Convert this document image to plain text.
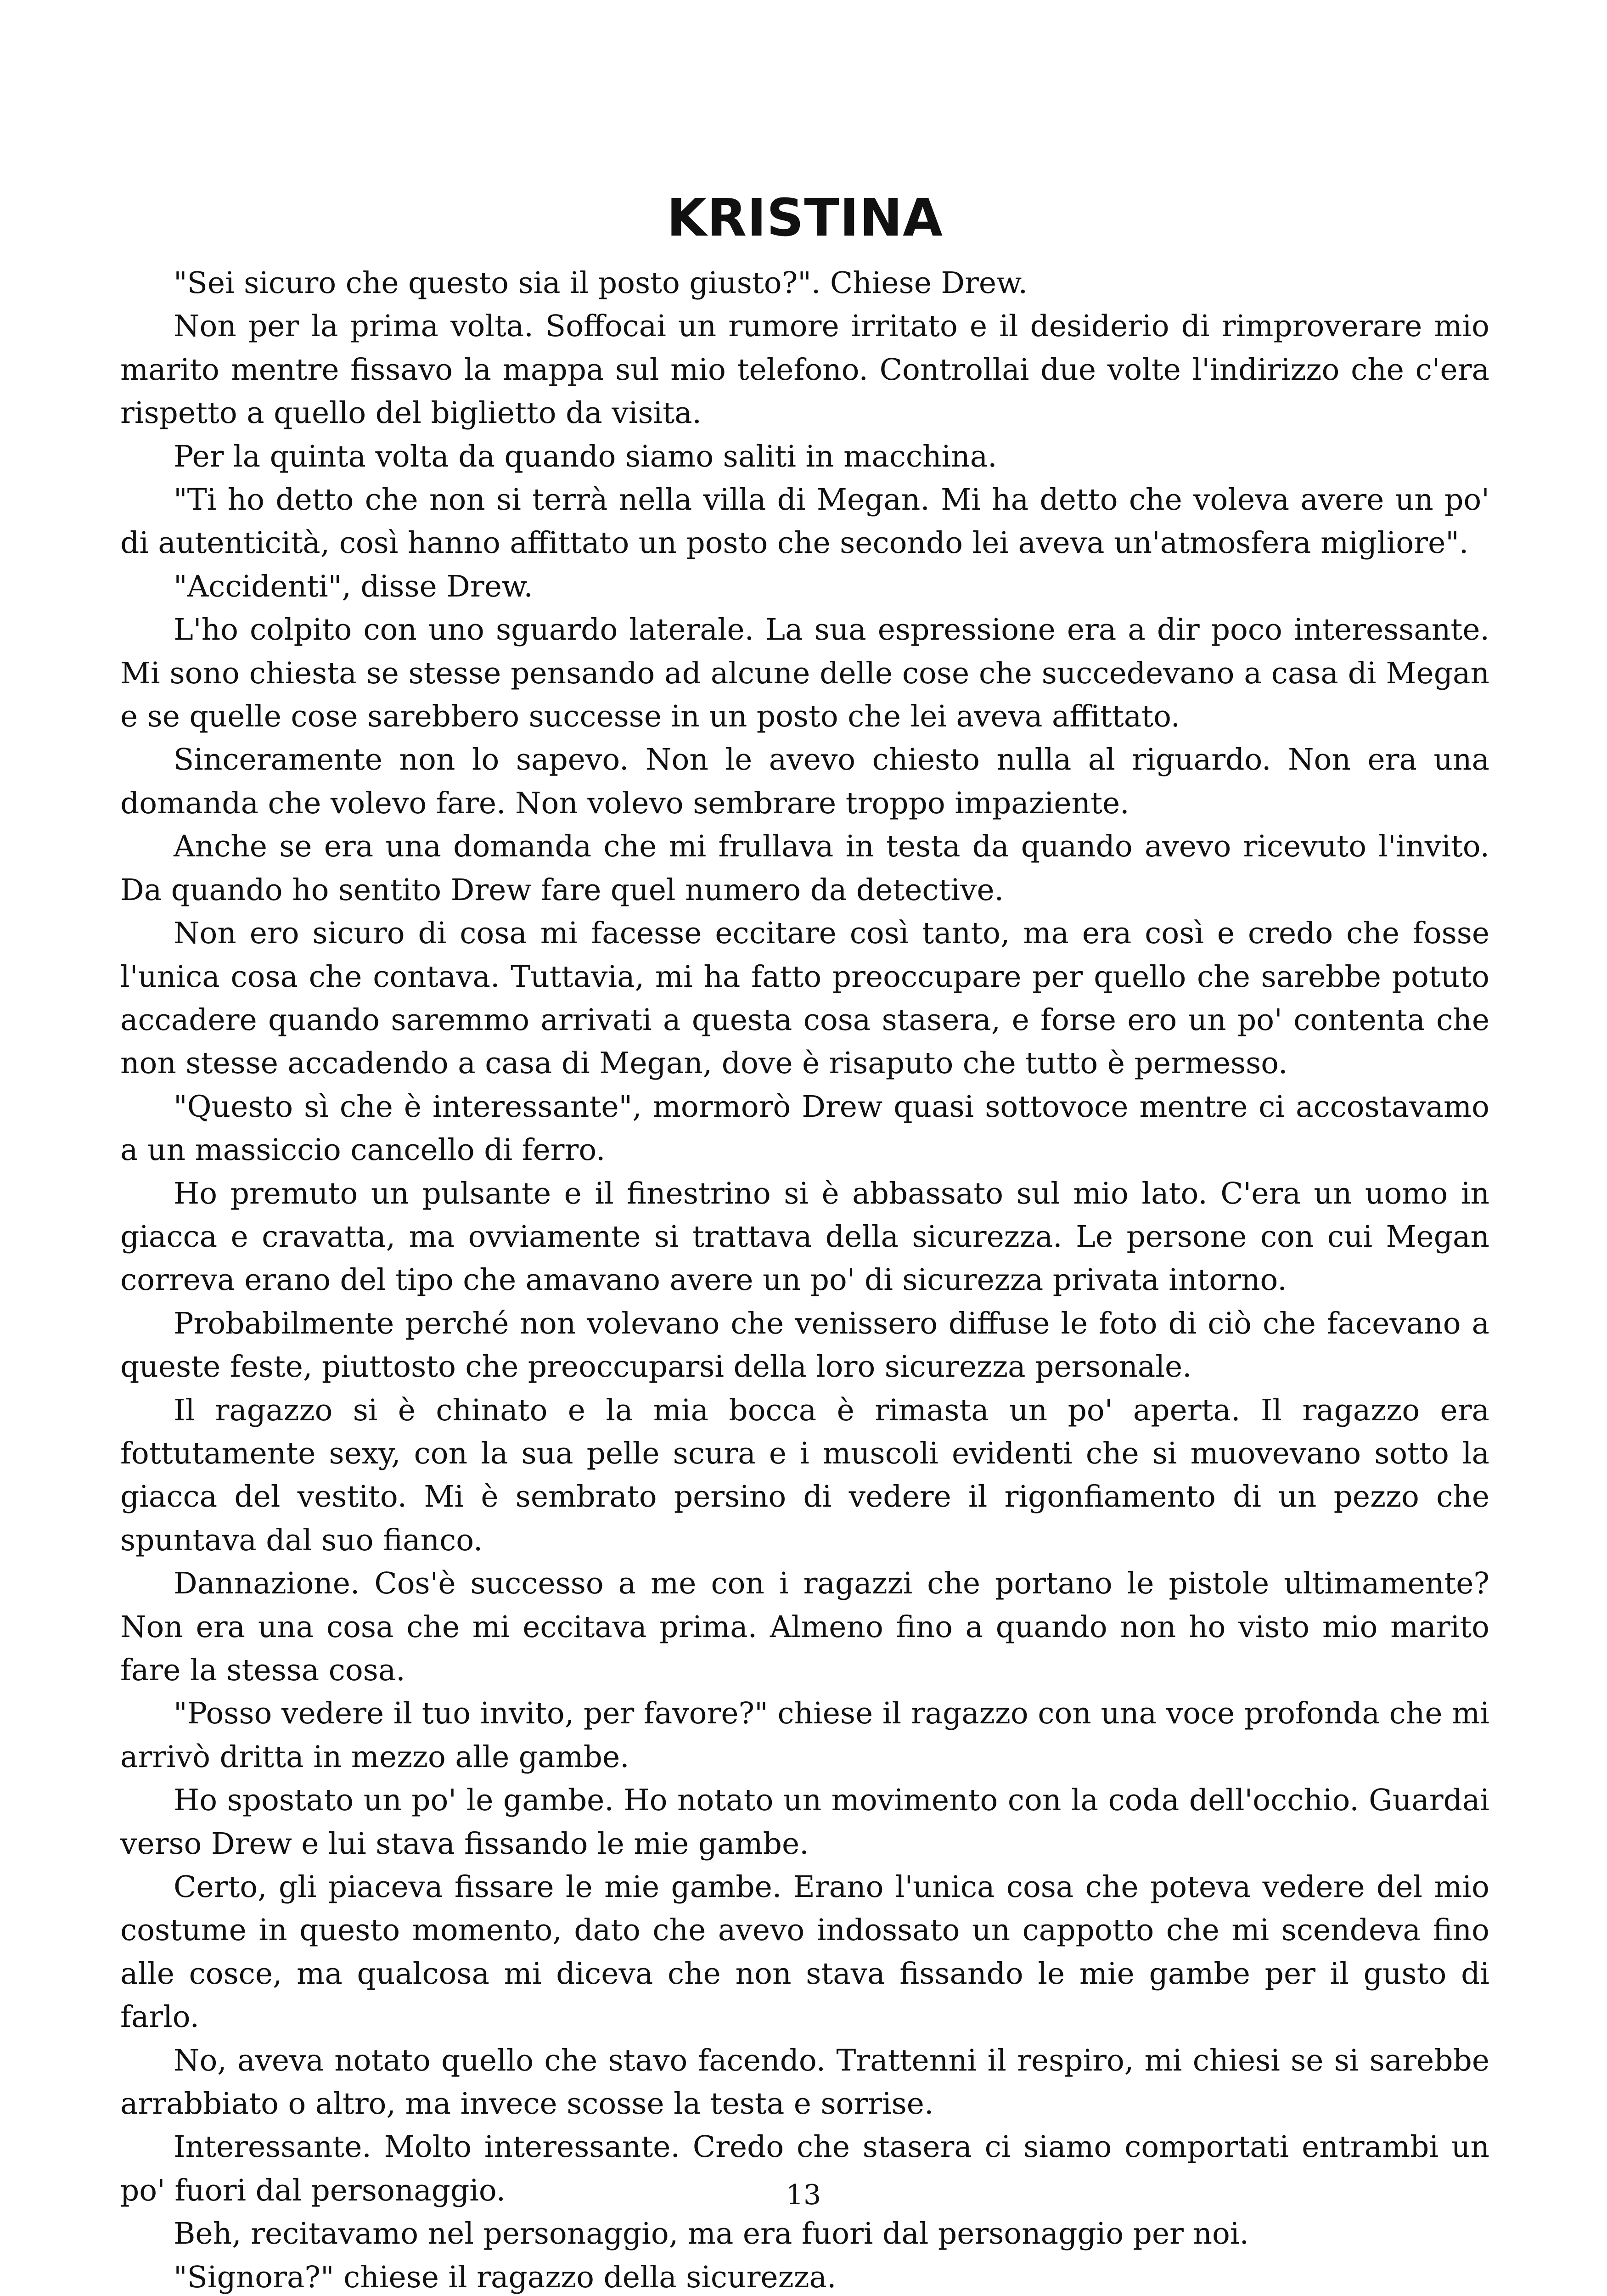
KRISTINA

"Sei sicuro che questo sia il posto giusto?". Chiese Drew.

Non per la prima volta. Soffocai un rumore irritato e il desiderio di rimproverare mio marito mentre fissavo la mappa sul mio telefono. Controllai due volte l'indirizzo che c'era rispetto a quello del biglietto da visita.

Per la quinta volta da quando siamo saliti in macchina.

"Ti ho detto che non si terrà nella villa di Megan. Mi ha detto che voleva avere un po' di autenticità, così hanno affittato un posto che secondo lei aveva un'atmosfera migliore".

"Accidenti", disse Drew.

L'ho colpito con uno sguardo laterale. La sua espressione era a dir poco interessante. Mi sono chiesta se stesse pensando ad alcune delle cose che succedevano a casa di Megan e se quelle cose sarebbero successe in un posto che lei aveva affittato.

Sinceramente non lo sapevo. Non le avevo chiesto nulla al riguardo. Non era una domanda che volevo fare. Non volevo sembrare troppo impaziente.

Anche se era una domanda che mi frullava in testa da quando avevo ricevuto l'invito. Da quando ho sentito Drew fare quel numero da detective.

Non ero sicuro di cosa mi facesse eccitare così tanto, ma era così e credo che fosse l'unica cosa che contava. Tuttavia, mi ha fatto preoccupare per quello che sarebbe potuto accadere quando saremmo arrivati a questa cosa stasera, e forse ero un po' contenta che non stesse accadendo a casa di Megan, dove è risaputo che tutto è permesso.

"Questo sì che è interessante", mormorò Drew quasi sottovoce mentre ci accostavamo a un massiccio cancello di ferro.

Ho premuto un pulsante e il finestrino si è abbassato sul mio lato. C'era un uomo in giacca e cravatta, ma ovviamente si trattava della sicurezza. Le persone con cui Megan correva erano del tipo che amavano avere un po' di sicurezza privata intorno.

Probabilmente perché non volevano che venissero diffuse le foto di ciò che facevano a queste feste, piuttosto che preoccuparsi della loro sicurezza personale.

Il ragazzo si è chinato e la mia bocca è rimasta un po' aperta. Il ragazzo era fottutamente sexy, con la sua pelle scura e i muscoli evidenti che si muovevano sotto la giacca del vestito. Mi è sembrato persino di vedere il rigonfiamento di un pezzo che spuntava dal suo fianco.

Dannazione. Cos'è successo a me con i ragazzi che portano le pistole ultimamente? Non era una cosa che mi eccitava prima. Almeno fino a quando non ho visto mio marito fare la stessa cosa.

"Posso vedere il tuo invito, per favore?" chiese il ragazzo con una voce profonda che mi arrivò dritta in mezzo alle gambe.

Ho spostato un po' le gambe. Ho notato un movimento con la coda dell'occhio. Guardai verso Drew e lui stava fissando le mie gambe.

Certo, gli piaceva fissare le mie gambe. Erano l'unica cosa che poteva vedere del mio costume in questo momento, dato che avevo indossato un cappotto che mi scendeva fino alle cosce, ma qualcosa mi diceva che non stava fissando le mie gambe per il gusto di farlo.

No, aveva notato quello che stavo facendo. Trattenni il respiro, mi chiesi se si sarebbe arrabbiato o altro, ma invece scosse la testa e sorrise.

Interessante. Molto interessante. Credo che stasera ci siamo comportati entrambi un po' fuori dal personaggio.

Beh, recitavamo nel personaggio, ma era fuori dal personaggio per noi.

"Signora?" chiese il ragazzo della sicurezza.

13
